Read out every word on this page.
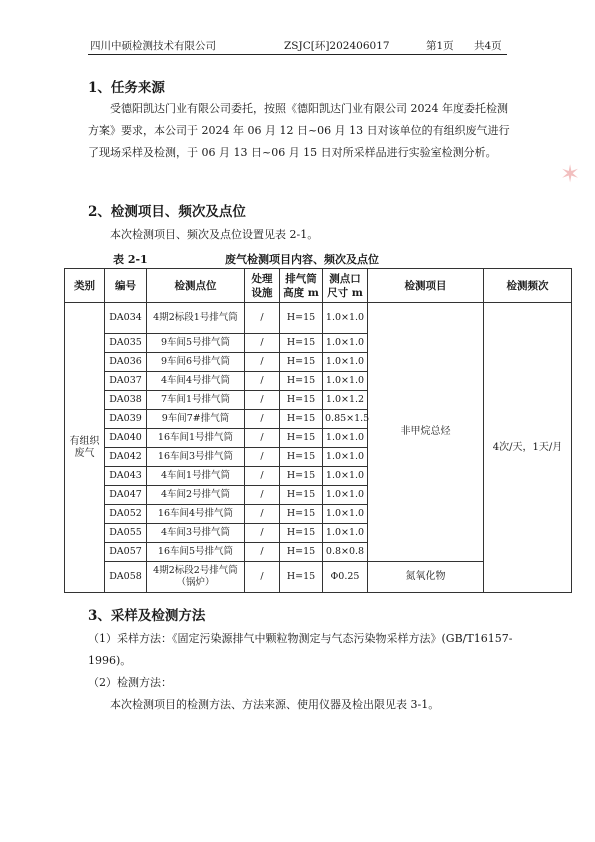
四川中硕检测技术有限公司	ZSJC[环]202406017	第1页 共4页
1、任务来源

受德阳凯达门业有限公司委托，按照《德阳凯达门业有限公司 2024 年度委托检测方案》要求，本公司于 2024 年 06 月 12 日~06 月 13 日对该单位的有组织废气进行了现场采样及检测，于 06 月 13 日~06 月 15 日对所采样品进行实验室检测分析。

2、检测项目、频次及点位

本次检测项目、频次及点位设置见表 2-1。

表 2-1	废气检测项目内容、频次及点位
类别	编号	检测点位	处理设施	排气筒高度 m	测点口尺寸 m	检测项目	检测频次
有组织废气	DA034	4期2标段1号排气筒	/	H=15	1.0×1.0	非甲烷总烃	4次/天，1天/月
	DA035	9车间5号排气筒	/	H=15	1.0×1.0		
	DA036	9车间6号排气筒	/	H=15	1.0×1.0		
	DA037	4车间4号排气筒	/	H=15	1.0×1.0		
	DA038	7车间1号排气筒	/	H=15	1.0×1.2		
	DA039	9车间7#排气筒	/	H=15	0.85×1.5		
	DA040	16车间1号排气筒	/	H=15	1.0×1.0		
	DA042	16车间3号排气筒	/	H=15	1.0×1.0		
	DA043	4车间1号排气筒	/	H=15	1.0×1.0		
	DA047	4车间2号排气筒	/	H=15	1.0×1.0		
	DA052	16车间4号排气筒	/	H=15	1.0×1.0		
	DA055	4车间3号排气筒	/	H=15	1.0×1.0		
	DA057	16车间5号排气筒	/	H=15	0.8×0.8		
	DA058	4期2标段2号排气筒（锅炉）	/	H=15	Φ0.25	氮氧化物	
3、采样及检测方法

（1）采样方法：《固定污染源排气中颗粒物测定与气态污染物采样方法》(GB/T16157-1996)。

（2）检测方法：

本次检测项目的检测方法、方法来源、使用仪器及检出限见表 3-1。

✶
